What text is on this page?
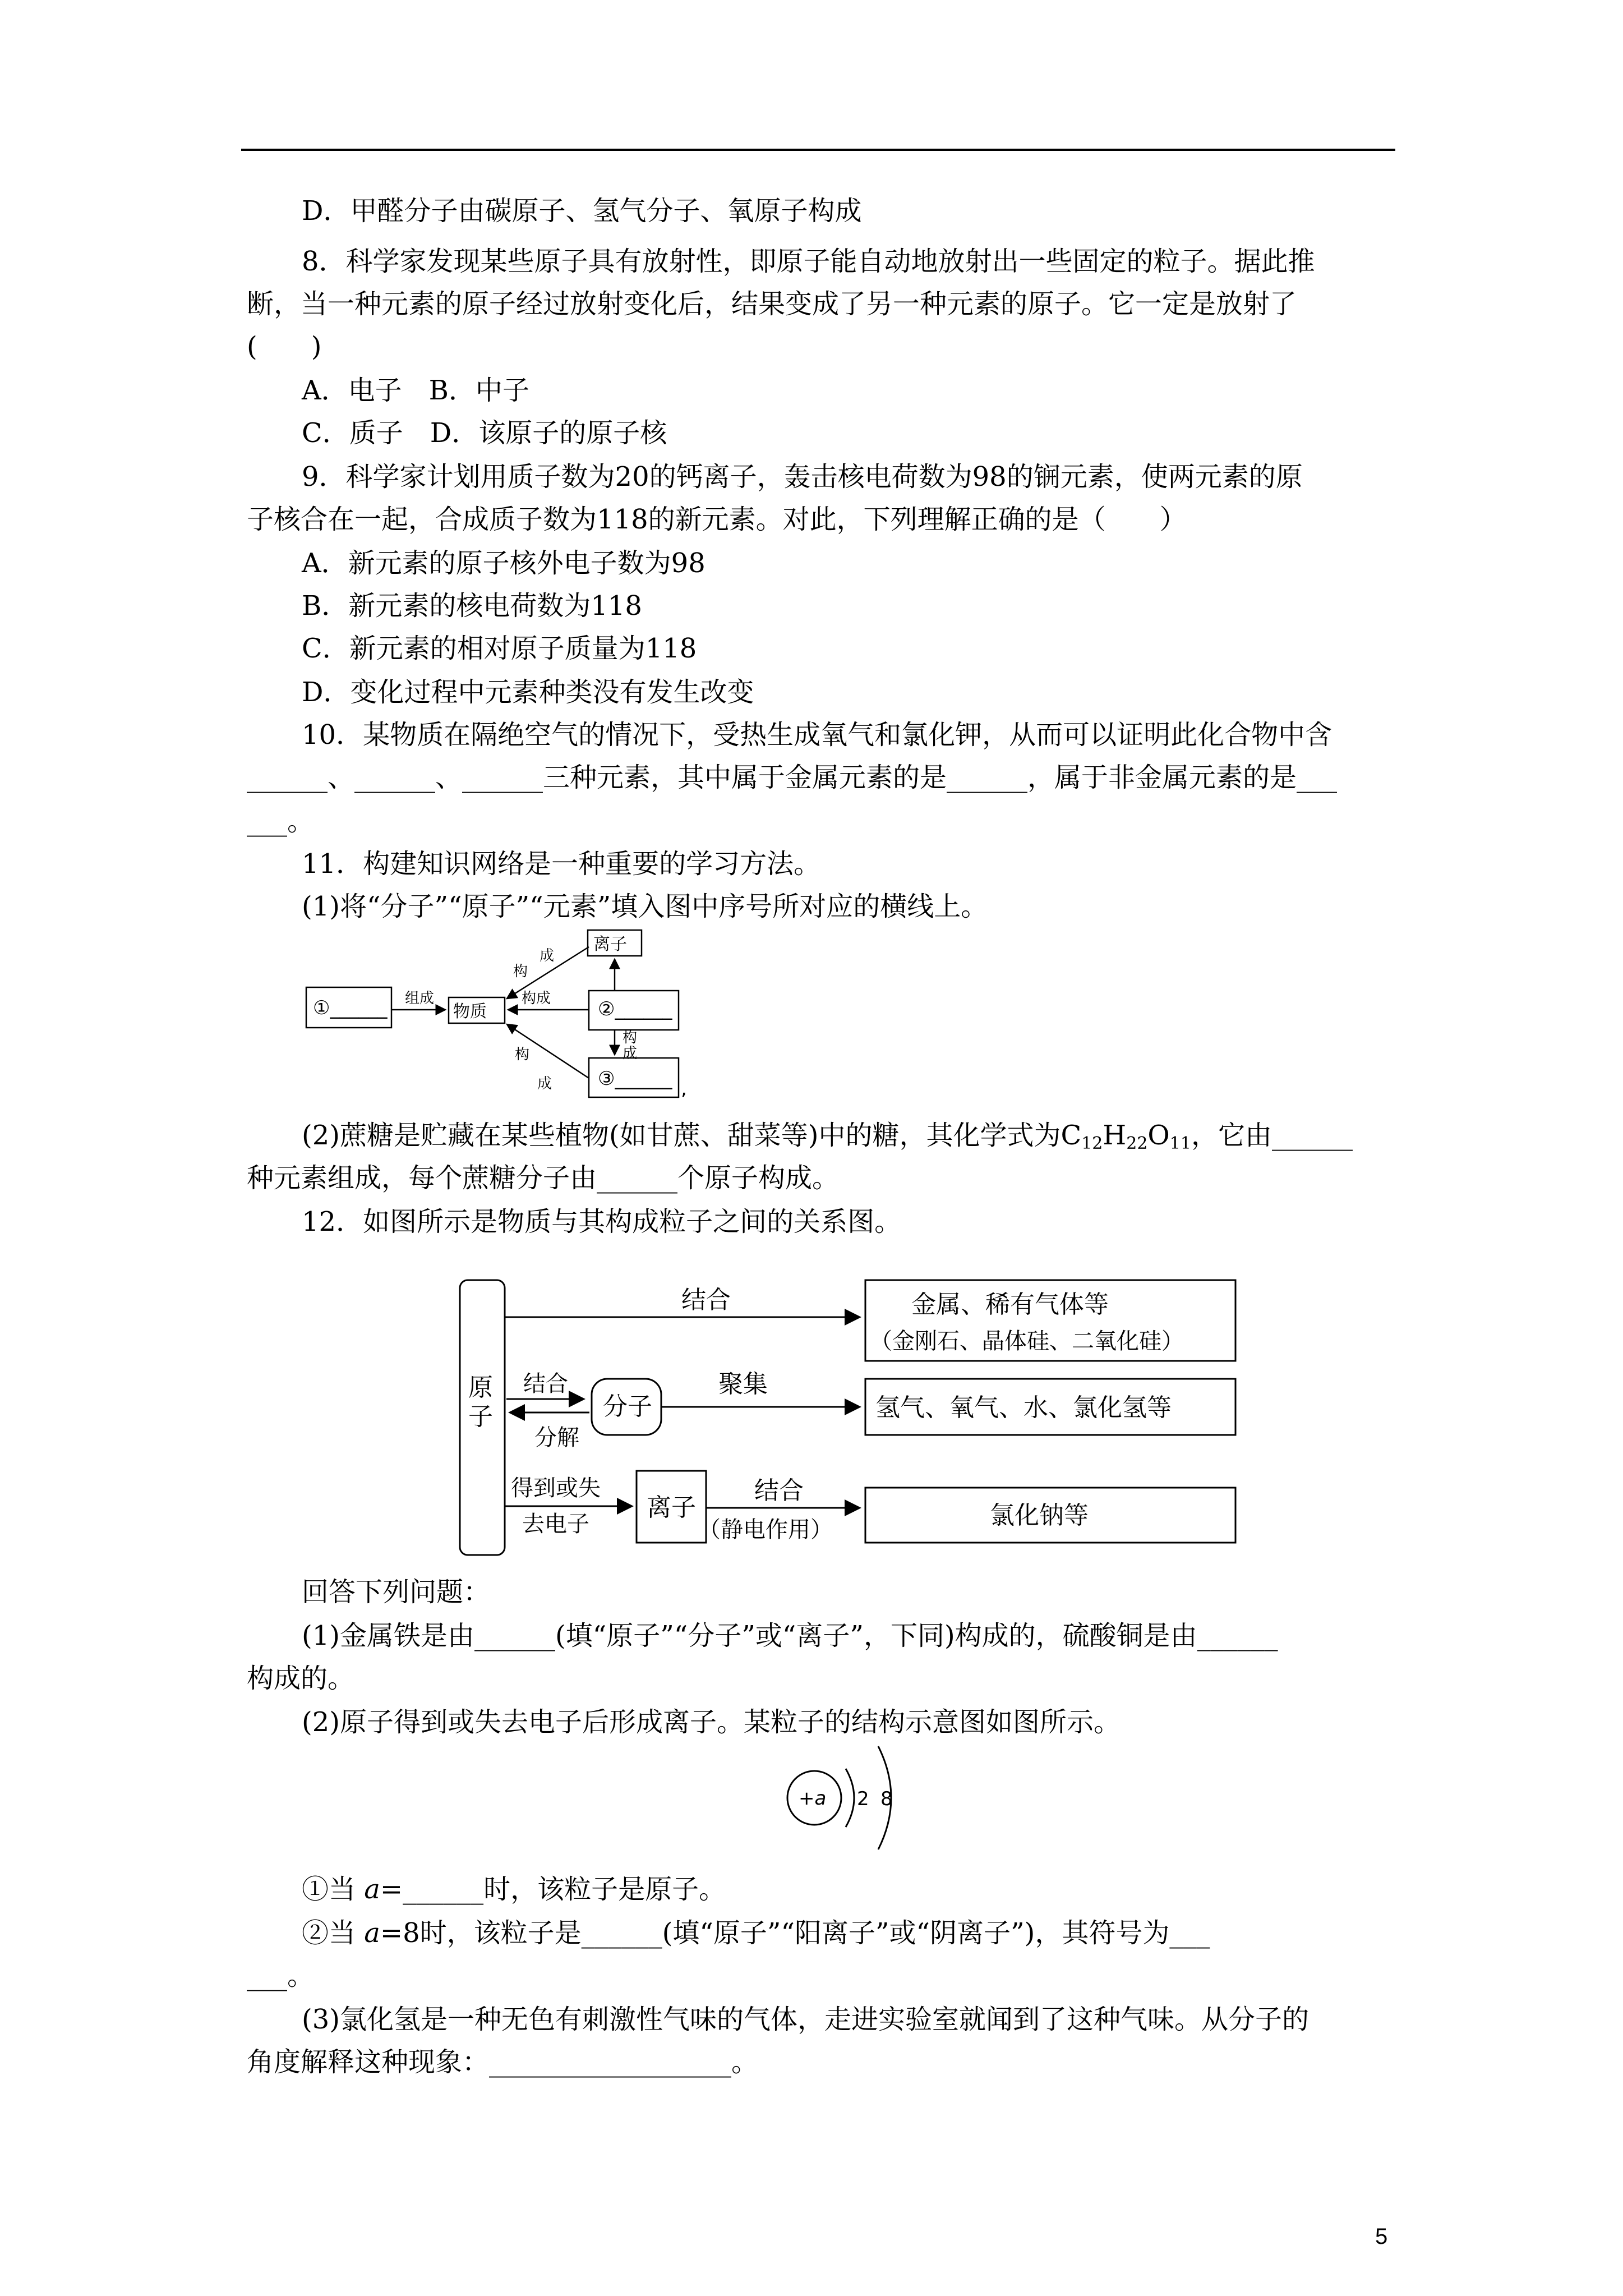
D．甲醛分子由碳原子、氢气分子、氧原子构成
8．科学家发现某些原子具有放射性，即原子能自动地放射出一些固定的粒子。据此推
断，当一种元素的原子经过放射变化后，结果变成了另一种元素的原子。它一定是放射了
(　　)
A．电子　B．中子
C．质子　D．该原子的原子核
9．科学家计划用质子数为20的钙离子，轰击核电荷数为98的锎元素，使两元素的原
子核合在一起，合成质子数为118的新元素。对此，下列理解正确的是（　　）
A．新元素的原子核外电子数为98
B．新元素的核电荷数为118
C．新元素的相对原子质量为118
D．变化过程中元素种类没有发生改变
10．某物质在隔绝空气的情况下，受热生成氧气和氯化钾，从而可以证明此化合物中含
______、______、______三种元素，其中属于金属元素的是______，属于非金属元素的是___
___。
11．构建知识网络是一种重要的学习方法。
(1)将“分子”“原子”“元素”填入图中序号所对应的横线上。
①______	物质
离子
②______
③______ ,
组成	构成
构
成
构
成
构
成
(2)蔗糖是贮藏在某些植物(如甘蔗、甜菜等)中的糖，其化学式为$C_{12}H_{22}O_{11}$，它由______
种元素组成，每个蔗糖分子由______个原子构成。
12．如图所示是物质与其构成粒子之间的关系图。
原
子
结合	金属、稀有气体等
（金刚石、晶体硅、二氧化硅）
结合
分解
分子
聚集
氢气、氧气、水、氯化氢等
得到或失
去电子
离子
结合
（静电作用）	氯化钠等
回答下列问题：
(1)金属铁是由______(填“原子”“分子”或“离子”，下同)构成的，硫酸铜是由______
构成的。
(2)原子得到或失去电子后形成离子。某粒子的结构示意图如图所示。
+a 2 8
①当 a=______时，该粒子是原子。
②当 a=8时，该粒子是______(填“原子”“阳离子”或“阴离子”)，其符号为___
___。
(3)氯化氢是一种无色有刺激性气味的气体，走进实验室就闻到了这种气味。从分子的
角度解释这种现象：__________________。
5
